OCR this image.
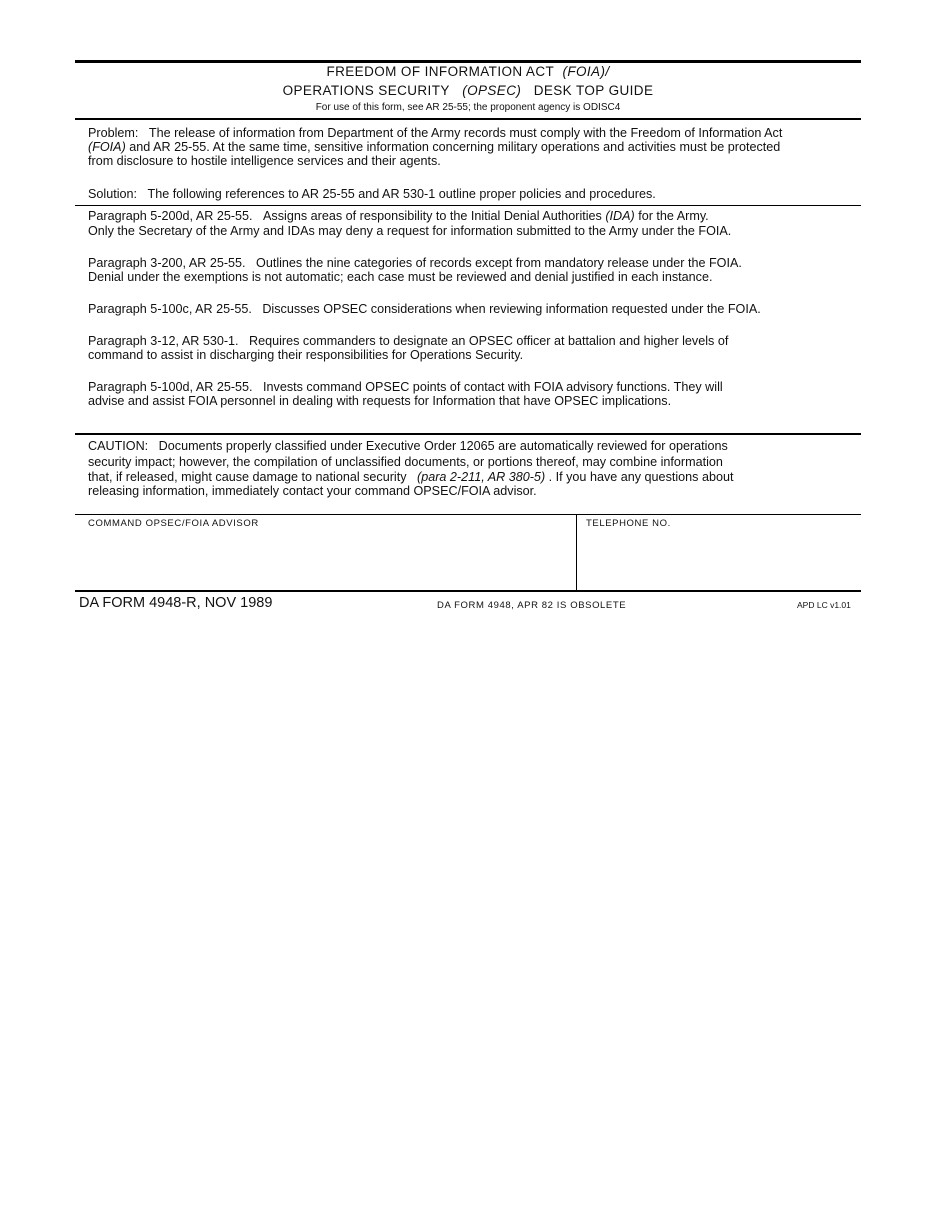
FREEDOM OF INFORMATION ACT (FOIA)/
OPERATIONS SECURITY (OPSEC) DESK TOP GUIDE
For use of this form, see AR 25-55; the proponent agency is ODISC4
Problem: The release of information from Department of the Army records must comply with the Freedom of Information Act
(FOIA) and AR 25-55. At the same time, sensitive information concerning military operations and activities must be protected
from disclosure to hostile intelligence services and their agents.
Solution: The following references to AR 25-55 and AR 530-1 outline proper policies and procedures.
Paragraph 5-200d, AR 25-55. Assigns areas of responsibility to the Initial Denial Authorities (IDA) for the Army.
Only the Secretary of the Army and IDAs may deny a request for information submitted to the Army under the FOIA.
Paragraph 3-200, AR 25-55. Outlines the nine categories of records except from mandatory release under the FOIA.
Denial under the exemptions is not automatic; each case must be reviewed and denial justified in each instance.
Paragraph 5-100c, AR 25-55. Discusses OPSEC considerations when reviewing information requested under the FOIA.
Paragraph 3-12, AR 530-1. Requires commanders to designate an OPSEC officer at battalion and higher levels of
command to assist in discharging their responsibilities for Operations Security.
Paragraph 5-100d, AR 25-55. Invests command OPSEC points of contact with FOIA advisory functions. They will
advise and assist FOIA personnel in dealing with requests for Information that have OPSEC implications.
CAUTION: Documents properly classified under Executive Order 12065 are automatically reviewed for operations
security impact; however, the compilation of unclassified documents, or portions thereof, may combine information
that, if released, might cause damage to national security (para 2-211, AR 380-5) . If you have any questions about
releasing information, immediately contact your command OPSEC/FOIA advisor.
COMMAND OPSEC/FOIA ADVISOR	TELEPHONE NO.
DA FORM 4948-R, NOV 1989	DA FORM 4948, APR 82 IS OBSOLETE	APD LC v1.01
